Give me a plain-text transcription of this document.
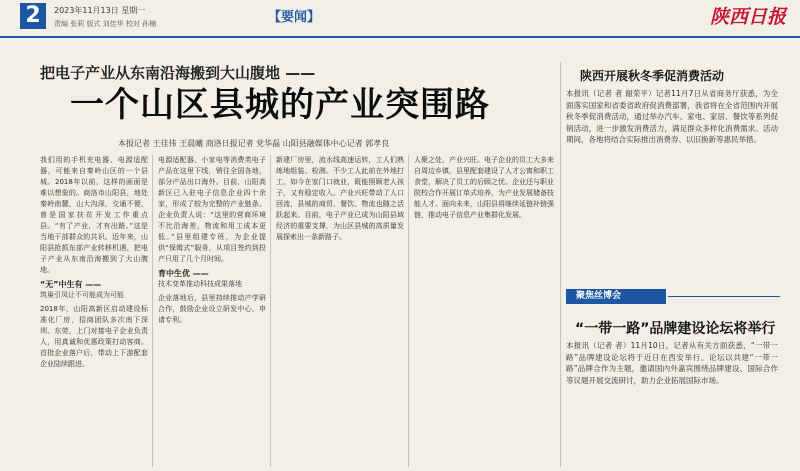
2	2023年11月13日 星期一
责编 张莉 版式 刘佳华 校对 孙楠	【要闻】	陕西日报
把电子产业从东南沿海搬到大山腹地 ——
一个山区县城的产业突围路
本报记者 王佳伟 王晨曦 商洛日报记者 党华磊 山阳县融媒体中心记者 郭孝良
我们用的手机充电器、电源适配器，可能来自秦岭山区的一个县城。2018年以前，这样的画面是难以想象的。商洛市山阳县，地处秦岭南麓，山大沟深，交通不便，曾是国家扶贫开发工作重点县。“有了产业，才有出路。”这是当地干部群众的共识。近年来，山阳县抢抓东部产业转移机遇，把电子产业从东南沿海搬到了大山腹地。
“无”中生有 ——
筑巢引凤让不可能成为可能
2018年，山阳高新区启动建设标准化厂房，招商团队多次南下深圳、东莞，上门对接电子企业负责人，用真诚和优惠政策打动客商。首批企业落户后，带动上下游配套企业陆续跟进。
电源适配器、小家电等消费类电子产品在这里下线，销往全国各地，部分产品出口海外。目前，山阳高新区已入驻电子信息企业四十余家，形成了较为完整的产业链条。企业负责人说：“这里的营商环境不比沿海差，物流和用工成本更低。”县里组建专班，为企业提供“保姆式”服务，从项目签约到投产只用了几个月时间。
育中生优 ——
技术变革推动科技成果落地
企业落地后，县里持续推动产学研合作，鼓励企业设立研发中心，申请专利。
新建厂房里，流水线高速运转，工人们熟练地组装、检测。不少工人此前在外地打工，如今在家门口就业，既能照顾老人孩子，又有稳定收入。产业兴旺带动了人口回流，县城的商贸、餐饮、物流也随之活跃起来。目前，电子产业已成为山阳县域经济的重要支撑，为山区县城的高质量发展探索出一条新路子。
人聚之处，产业兴旺。电子企业的员工大多来自周边乡镇，县里配套建设了人才公寓和职工食堂，解决了员工的后顾之忧。企业还与职业院校合作开展订单式培养，为产业发展储备技能人才。面向未来，山阳县将继续延链补链强链，推动电子信息产业集群化发展。
陕西开展秋冬季促消费活动
本报讯（记者 者 谢荣平）记者11月7日从省商务厅获悉，为全面落实国家和省委省政府促消费部署，我省将在全省范围内开展秋冬季促消费活动，通过举办汽车、家电、家居、餐饮等系列促销活动，进一步激发消费活力，满足群众多样化消费需求。活动期间，各地将结合实际推出消费券、以旧换新等惠民举措。
聚焦丝博会
“一带一路”品牌建设论坛将举行
本报讯（记者 者）11月10日，记者从有关方面获悉，“一带一路”品牌建设论坛将于近日在西安举行。论坛以共建“一带一路”品牌合作为主题，邀请国内外嘉宾围绕品牌建设、国际合作等议题开展交流研讨，助力企业拓展国际市场。
